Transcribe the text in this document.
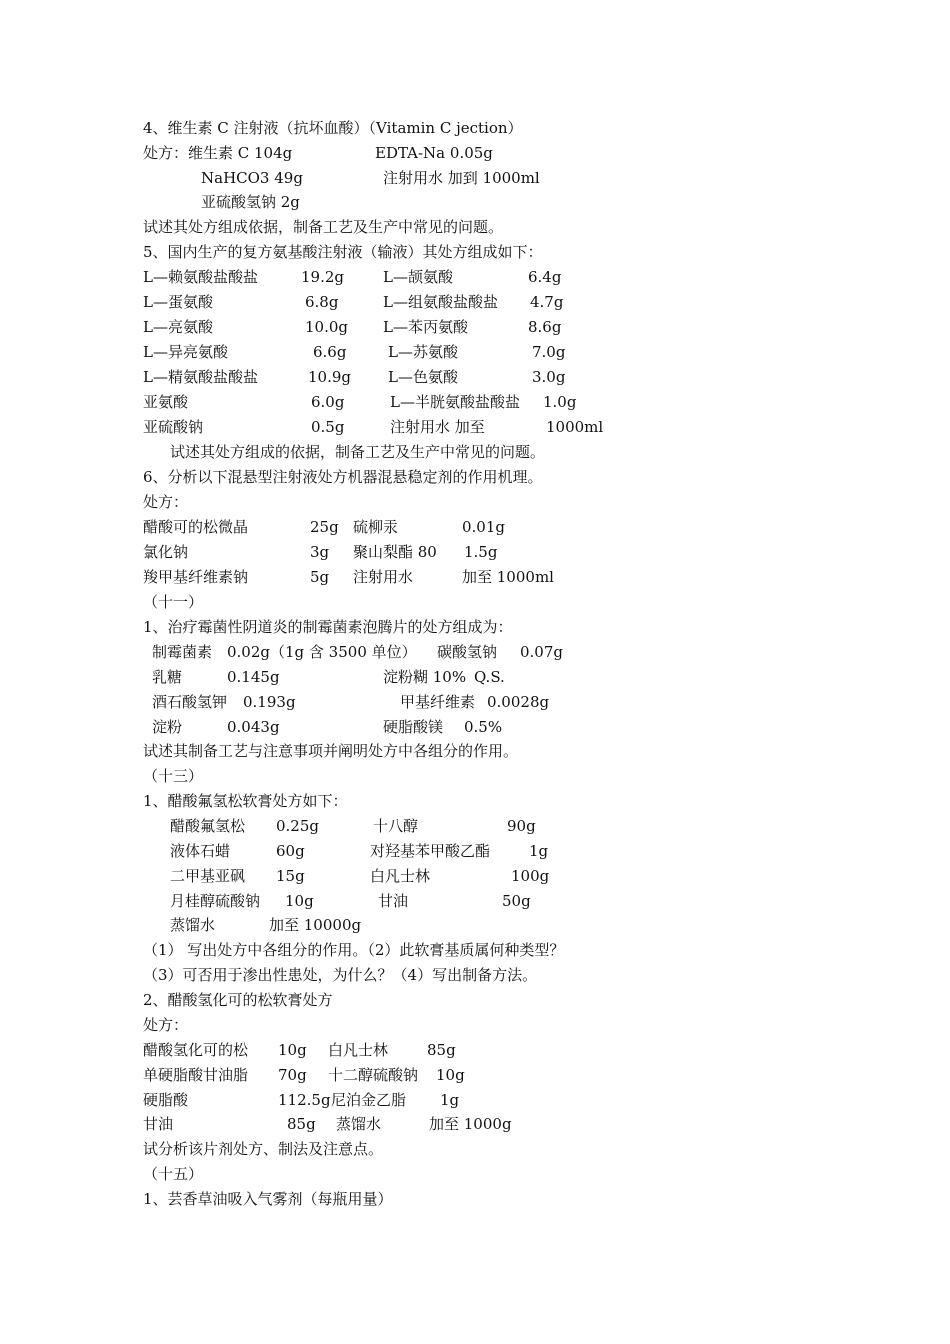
4、维生素 C 注射液（抗坏血酸）（Vitamin C jection）
处方：维生素 C 104g	EDTA-Na 0.05g
NaHCO3 49g	注射用水 加到 1000ml
亚硫酸氢钠 2g
试述其处方组成依据，制备工艺及生产中常见的问题。
5、国内生产的复方氨基酸注射液（输液）其处方组成如下：
L—赖氨酸盐酸盐	19.2g	L—颉氨酸	6.4g
L—蛋氨酸	6.8g	L—组氨酸盐酸盐 4.7g
L—亮氨酸	10.0g L—苯丙氨酸	8.6g
L—异亮氨酸	6.6g	L—苏氨酸	7.0g
L—精氨酸盐酸盐	10.9g L—色氨酸	3.0g
亚氨酸	6.0g	L—半胱氨酸盐酸盐 1.0g
亚硫酸钠	0.5g	注射用水 加至	1000ml
试述其处方组成的依据，制备工艺及生产中常见的问题。
6、分析以下混悬型注射液处方机器混悬稳定剂的作用机理。
处方：
醋酸可的松微晶	25g 硫柳汞	0.01g
氯化钠	3g 聚山梨酯 80 1.5g
羧甲基纤维素钠	5g 注射用水	加至 1000ml
（十一）
1、治疗霉菌性阴道炎的制霉菌素泡腾片的处方组成为：
制霉菌素 0.02g（1g 含 3500 单位） 碳酸氢钠 0.07g
乳糖	0.145g	淀粉糊 10% Q.S.
酒石酸氢钾 0.193g	甲基纤维素 0.0028g
淀粉	0.043g	硬脂酸镁 0.5%
试述其制备工艺与注意事项并阐明处方中各组分的作用。
（十三）
1、醋酸氟氢松软膏处方如下：
醋酸氟氢松 0.25g	十八醇	90g
液体石蜡	60g	对羟基苯甲酸乙酯	1g
二甲基亚砜 15g	白凡士林	100g
月桂醇硫酸钠 10g	甘油	50g
蒸馏水	加至 10000g
（1） 写出处方中各组分的作用。（2）此软膏基质属何种类型？
（3）可否用于渗出性患处，为什么？（4）写出制备方法。
2、醋酸氢化可的松软膏处方
处方：
醋酸氢化可的松 10g 白凡士林	85g
单硬脂酸甘油脂 70g 十二醇硫酸钠 10g
硬脂酸	112.5g 尼泊金乙脂 1g
甘油	85g 蒸馏水	加至 1000g
试分析该片剂处方、制法及注意点。
（十五）
1、芸香草油吸入气雾剂（每瓶用量）
